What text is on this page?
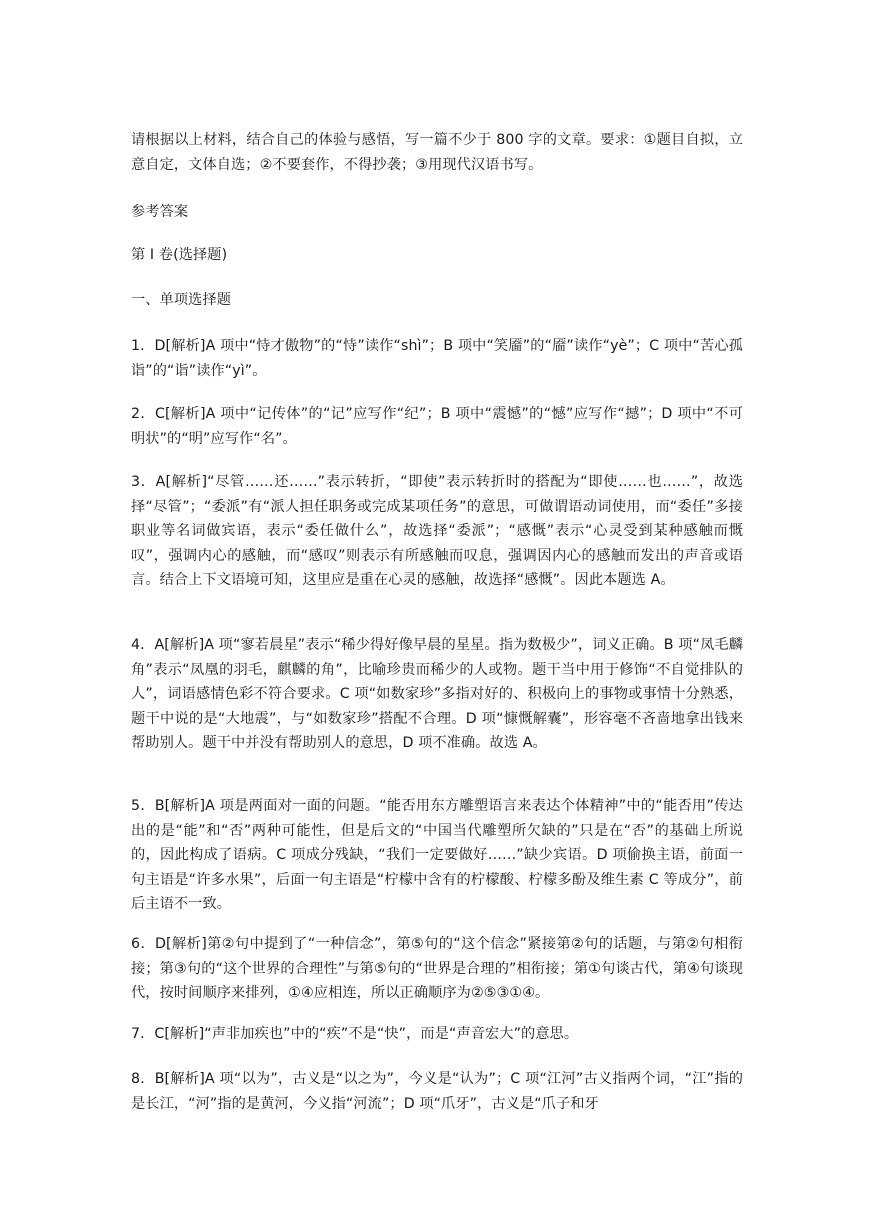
请根据以上材料，结合自己的体验与感悟，写一篇不少于 800 字的文章。要求：①题目自拟，立意自定，文体自选；②不要套作，不得抄袭；③用现代汉语书写。

参考答案

第 I 卷(选择题)

一、单项选择题

1．D[解析]A 项中“恃才傲物”的“恃”读作“shì”；B 项中“笑靥”的“靥”读作“yè”；C 项中“苦心孤诣”的“诣”读作“yì”。

2．C[解析]A 项中“记传体”的“记”应写作“纪”；B 项中“震憾”的“憾”应写作“撼”；D 项中“不可明状”的“明”应写作“名”。

3．A[解析]“尽管……还……”表示转折，“即使”表示转折时的搭配为“即使……也……”，故选择“尽管”；“委派”有“派人担任职务或完成某项任务”的意思，可做谓语动词使用，而“委任”多接职业等名词做宾语，表示“委任做什么”，故选择“委派”；“感慨”表示“心灵受到某种感触而慨叹”，强调内心的感触，而“感叹”则表示有所感触而叹息，强调因内心的感触而发出的声音或语言。结合上下文语境可知，这里应是重在心灵的感触，故选择“感慨”。因此本题选 A。

4．A[解析]A 项“寥若晨星”表示“稀少得好像早晨的星星。指为数极少”，词义正确。B 项“凤毛麟角”表示“凤凰的羽毛，麒麟的角”，比喻珍贵而稀少的人或物。题干当中用于修饰“不自觉排队的人”，词语感情色彩不符合要求。C 项“如数家珍”多指对好的、积极向上的事物或事情十分熟悉，题干中说的是“大地震”，与“如数家珍”搭配不合理。D 项“慷慨解囊”，形容毫不吝啬地拿出钱来帮助别人。题干中并没有帮助别人的意思，D 项不准确。故选 A。

5．B[解析]A 项是两面对一面的问题。“能否用东方雕塑语言来表达个体精神”中的“能否用”传达出的是“能”和“否”两种可能性，但是后文的“中国当代雕塑所欠缺的”只是在“否”的基础上所说的，因此构成了语病。C 项成分残缺，“我们一定要做好……”缺少宾语。D 项偷换主语，前面一句主语是“许多水果”，后面一句主语是“柠檬中含有的柠檬酸、柠檬多酚及维生素 C 等成分”，前后主语不一致。

6．D[解析]第②句中提到了“一种信念”，第⑤句的“这个信念”紧接第②句的话题，与第②句相衔接；第③句的“这个世界的合理性”与第⑤句的“世界是合理的”相衔接；第①句谈古代，第④句谈现代，按时间顺序来排列，①④应相连，所以正确顺序为②⑤③①④。

7．C[解析]“声非加疾也”中的“疾”不是“快”，而是“声音宏大”的意思。

8．B[解析]A 项“以为”，古义是“以之为”，今义是“认为”；C 项“江河”古义指两个词，“江”指的是长江，“河”指的是黄河，今义指“河流”；D 项“爪牙”，古义是“爪子和牙
